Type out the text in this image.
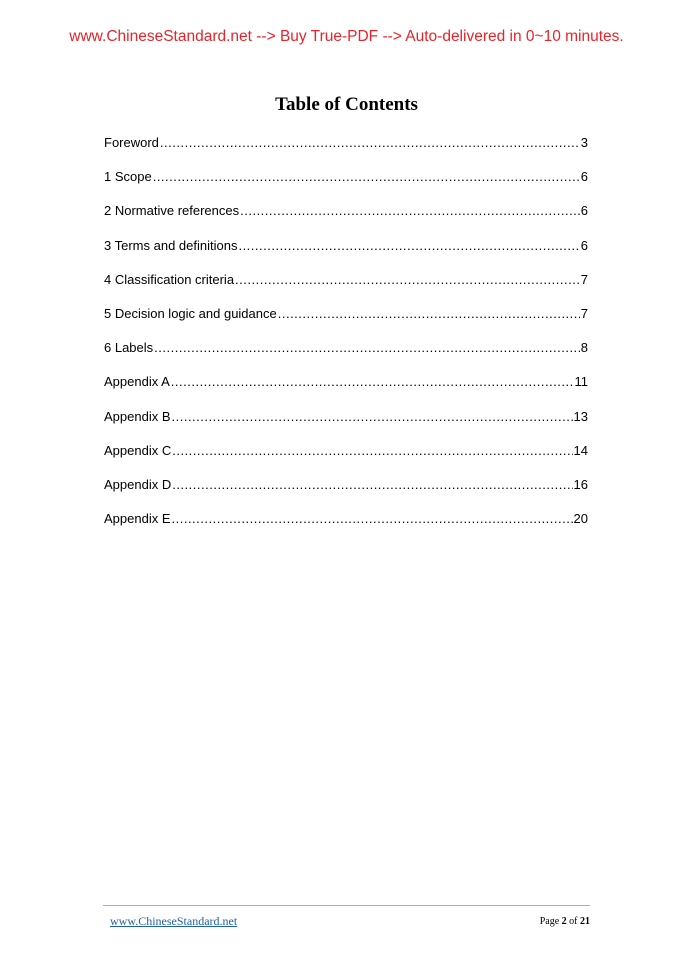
www.ChineseStandard.net --> Buy True-PDF --> Auto-delivered in 0~10 minutes.
Table of Contents
Foreword .....	3
1 Scope .....	6
2 Normative references .....	6
3 Terms and definitions .....	6
4 Classification criteria .....	7
5 Decision logic and guidance .....	7
6 Labels .....	8
Appendix A .....	11
Appendix B .....	13
Appendix C .....	14
Appendix D .....	16
Appendix E .....	20
www.ChineseStandard.net	Page 2 of 21
